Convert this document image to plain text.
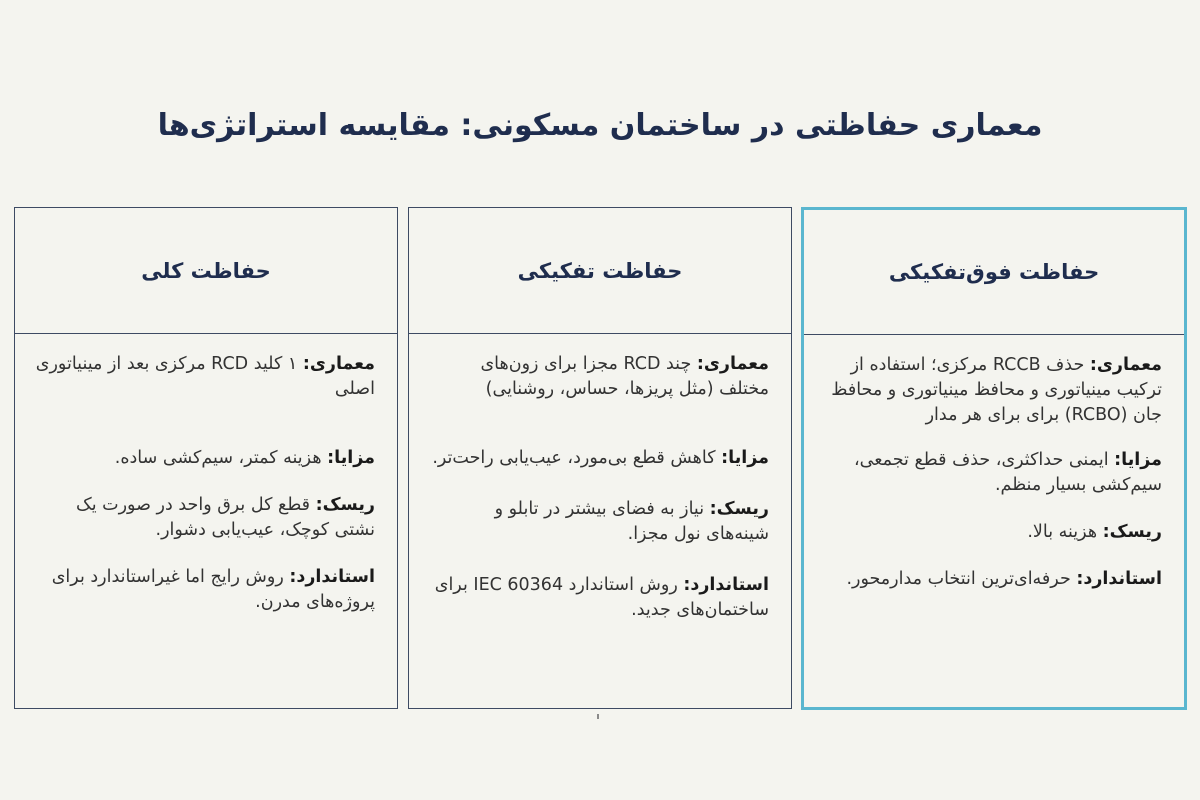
معماری حفاظتی در ساختمان مسکونی: مقایسه استراتژی‌ها
حفاظت فوق‌تفکیکی

معماری: حذف RCCB مرکزی؛ استفاده از ترکیب مینیاتوری و محافظ مینیاتوری و محافظ جان (RCBO) برای برای هر مدار

مزایا: ایمنی حداکثری، حذف قطع تجمعی، سیم‌کشی بسیار منظم.

ریسک: هزینه بالا.

استاندارد: حرفه‌ای‌ترین انتخاب مدارمحور.

حفاظت تفکیکی

معماری: چند RCD مجزا برای زون‌های مختلف (مثل پریزها، حساس، روشنایی)

مزایا: کاهش قطع بی‌مورد، عیب‌یابی راحت‌تر.

ریسک: نیاز به فضای بیشتر در تابلو و شینه‌های نول مجزا.

استاندارد: روش استاندارد IEC 60364 برای ساختمان‌های جدید.

حفاظت کلی

معماری: ۱ کلید RCD مرکزی بعد از مینیاتوری اصلی

مزایا: هزینه کمتر، سیم‌کشی ساده.

ریسک: قطع کل برق واحد در صورت یک نشتی کوچک، عیب‌یابی دشوار.

استاندارد: روش رایج اما غیراستاندارد برای پروژه‌های مدرن.
